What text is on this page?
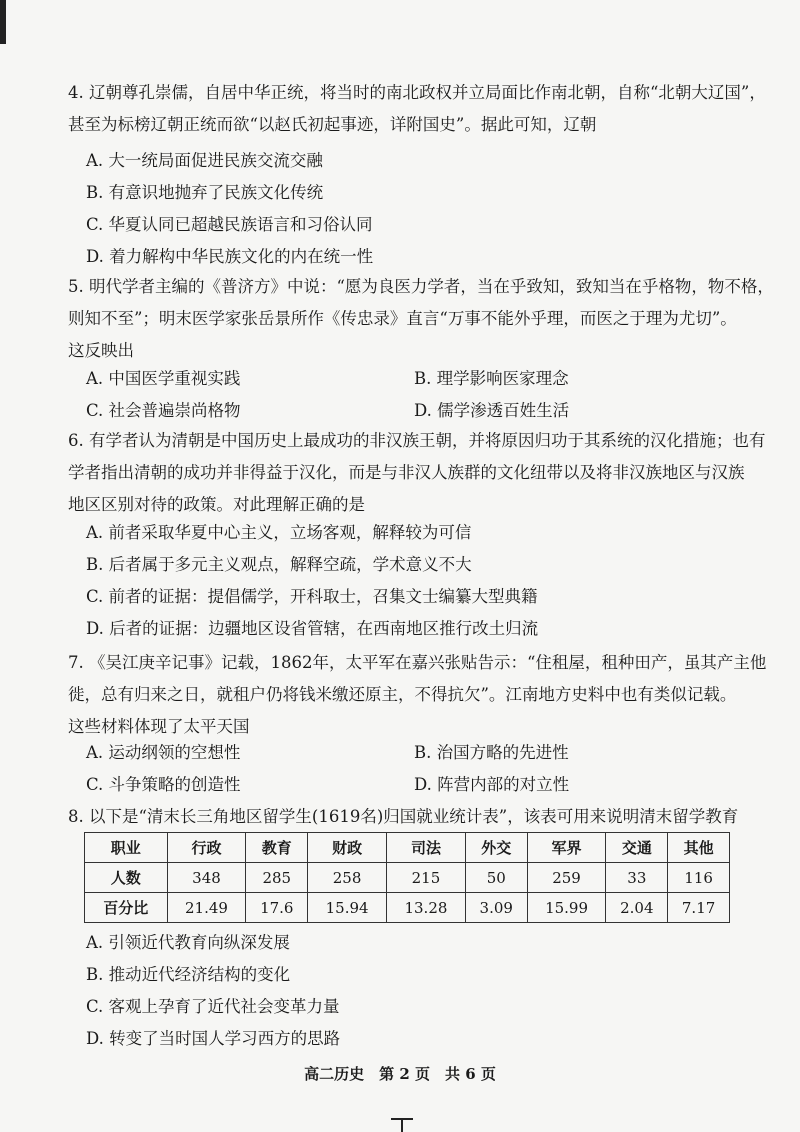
4. 辽朝尊孔崇儒，自居中华正统，将当时的南北政权并立局面比作南北朝，自称“北朝大辽国”，

甚至为标榜辽朝正统而欲“以赵氏初起事迹，详附国史”。据此可知，辽朝

A. 大一统局面促进民族交流交融
B. 有意识地抛弃了民族文化传统
C. 华夏认同已超越民族语言和习俗认同
D. 着力解构中华民族文化的内在统一性

5. 明代学者主编的《普济方》中说：“愿为良医力学者，当在乎致知，致知当在乎格物，物不格，

则知不至”；明末医学家张岳景所作《传忠录》直言“万事不能外乎理，而医之于理为尤切”。

这反映出

A. 中国医学重视实践	B. 理学影响医家理念
C. 社会普遍崇尚格物	D. 儒学渗透百姓生活

6. 有学者认为清朝是中国历史上最成功的非汉族王朝，并将原因归功于其系统的汉化措施；也有

学者指出清朝的成功并非得益于汉化，而是与非汉人族群的文化纽带以及将非汉族地区与汉族

地区区别对待的政策。对此理解正确的是

A. 前者采取华夏中心主义，立场客观，解释较为可信
B. 后者属于多元主义观点，解释空疏，学术意义不大
C. 前者的证据：提倡儒学，开科取士，召集文士编纂大型典籍
D. 后者的证据：边疆地区设省管辖，在西南地区推行改土归流

7. 《吴江庚辛记事》记载，1862年，太平军在嘉兴张贴告示：“住租屋，租种田产，虽其产主他

徙，总有归来之日，就租户仍将钱米缴还原主，不得抗欠”。江南地方史料中也有类似记载。

这些材料体现了太平天国

A. 运动纲领的空想性	B. 治国方略的先进性
C. 斗争策略的创造性	D. 阵营内部的对立性

8. 以下是“清末长三角地区留学生(1619名)归国就业统计表”，该表可用来说明清末留学教育

职业	行政	教育	财政	司法	外交	军界	交通	其他
人数	348	285	258	215	50	259	33	116
百分比	21.49	17.6	15.94	13.28	3.09	15.99	2.04	7.17
A. 引领近代教育向纵深发展
B. 推动近代经济结构的变化
C. 客观上孕育了近代社会变革力量
D. 转变了当时国人学习西方的思路
高二历史　第 2 页　共 6 页
